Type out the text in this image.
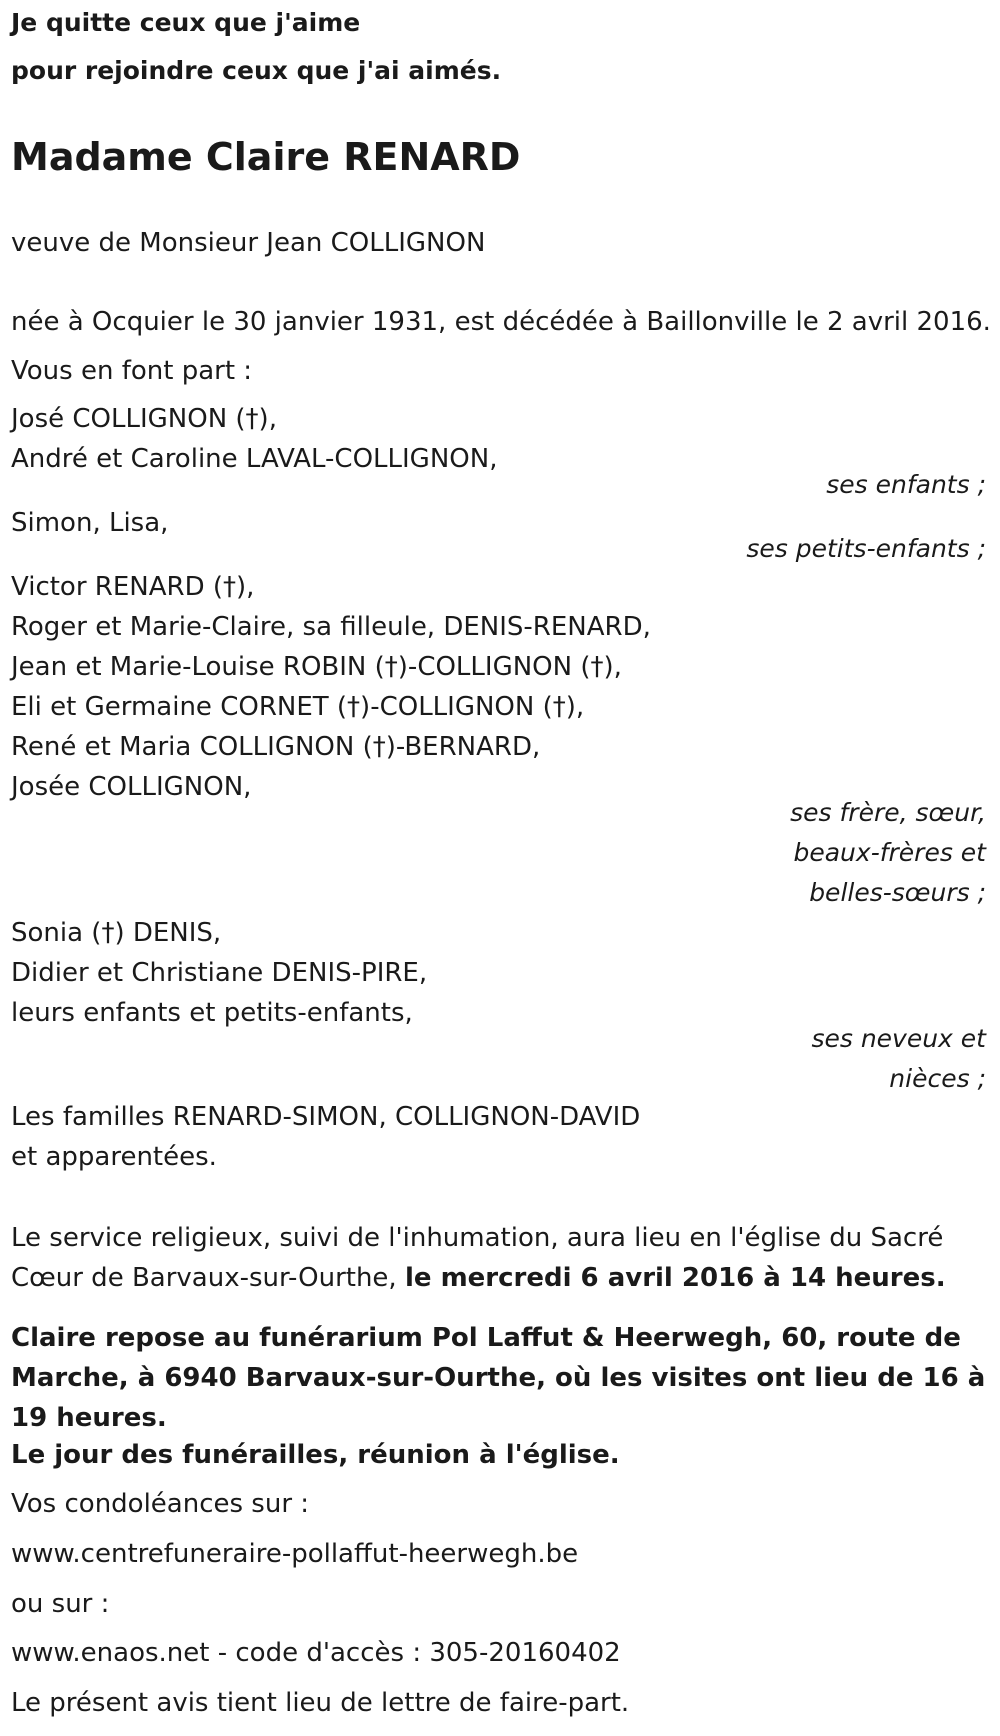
Je quitte ceux que j'aime
pour rejoindre ceux que j'ai aimés.
Madame Claire RENARD
veuve de Monsieur Jean COLLIGNON
née à Ocquier le 30 janvier 1931, est décédée à Baillonville le 2 avril 2016.
Vous en font part :
José COLLIGNON (†),
André et Caroline LAVAL-COLLIGNON,
ses enfants ;
Simon, Lisa,
ses petits-enfants ;
Victor RENARD (†),
Roger et Marie-Claire, sa filleule, DENIS-RENARD,
Jean et Marie-Louise ROBIN (†)-COLLIGNON (†),
Eli et Germaine CORNET (†)-COLLIGNON (†),
René et Maria COLLIGNON (†)-BERNARD,
Josée COLLIGNON,
ses frère, sœur,
beaux-frères et
belles-sœurs ;
Sonia (†) DENIS,
Didier et Christiane DENIS-PIRE,
leurs enfants et petits-enfants,
ses neveux et
nièces ;
Les familles RENARD-SIMON, COLLIGNON-DAVID
et apparentées.
Le service religieux, suivi de l'inhumation, aura lieu en l'église du Sacré Cœur de Barvaux-sur-Ourthe, le mercredi 6 avril 2016 à 14 heures.
Claire repose au funérarium Pol Laffut & Heerwegh, 60, route de Marche, à 6940 Barvaux-sur-Ourthe, où les visites ont lieu de 16 à 19 heures.
Le jour des funérailles, réunion à l'église.
Vos condoléances sur :
www.centrefuneraire-pollaffut-heerwegh.be
ou sur :
www.enaos.net - code d'accès : 305-20160402
Le présent avis tient lieu de lettre de faire-part.
